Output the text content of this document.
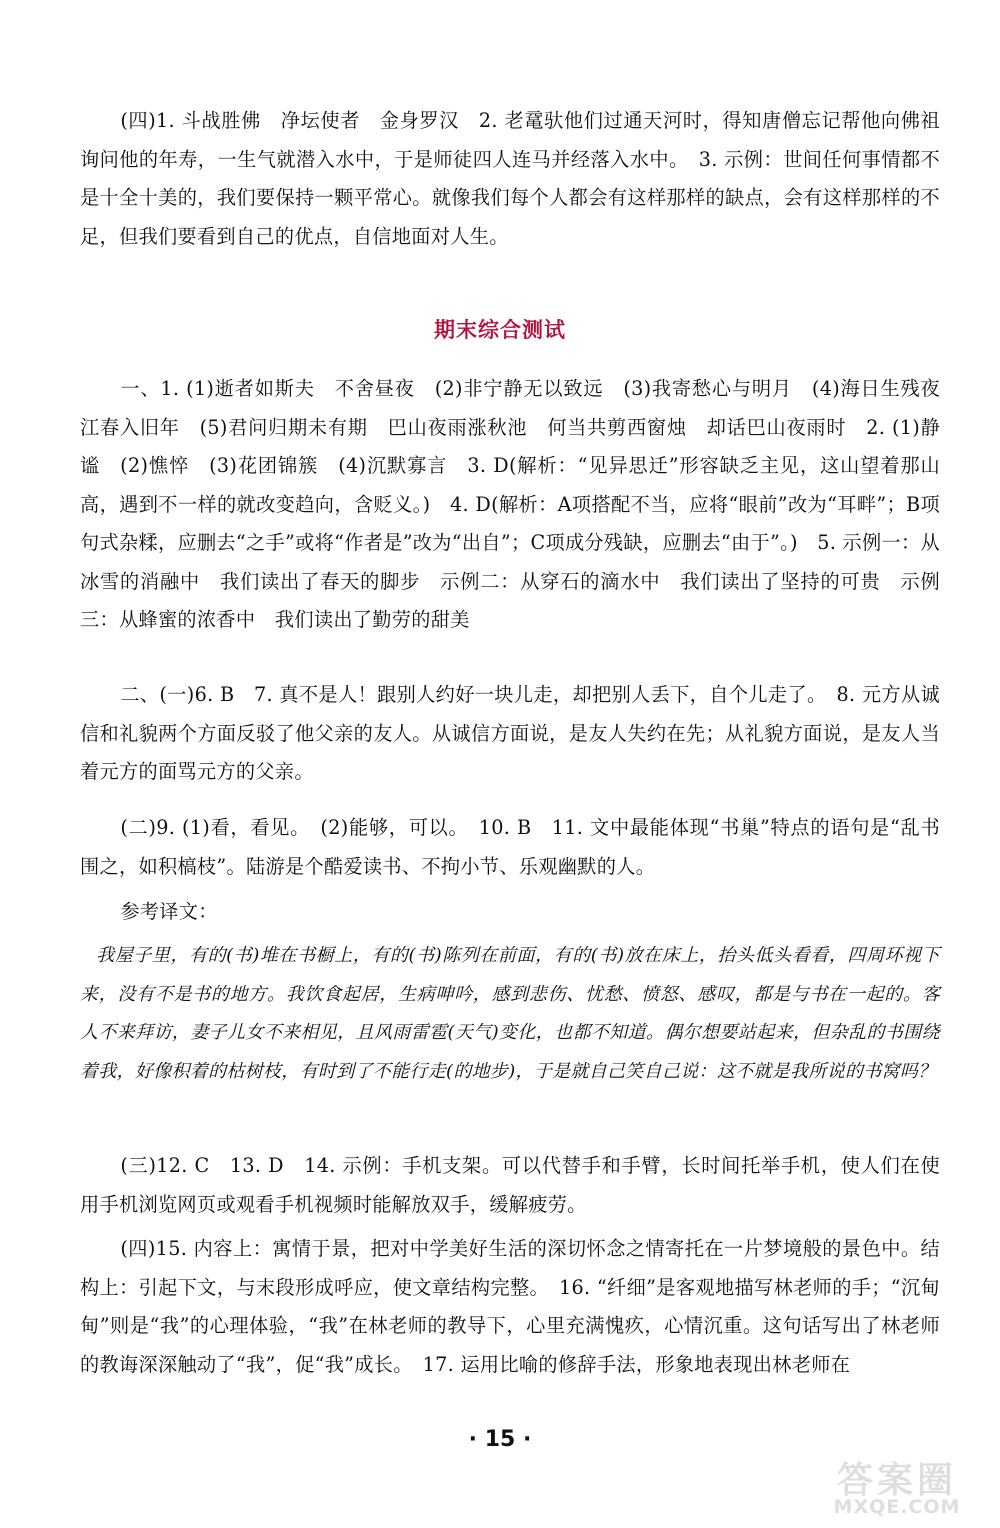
(四)1. 斗战胜佛　净坛使者　金身罗汉　2. 老鼋驮他们过通天河时，得知唐僧忘记帮他向佛祖询问他的年寿，一生气就潜入水中，于是师徒四人连马并经落入水中。　3. 示例：世间任何事情都不是十全十美的，我们要保持一颗平常心。就像我们每个人都会有这样那样的缺点，会有这样那样的不足，但我们要看到自己的优点，自信地面对人生。

期末综合测试

一、1. (1)逝者如斯夫　不舍昼夜　(2)非宁静无以致远　(3)我寄愁心与明月　(4)海日生残夜　江春入旧年　(5)君问归期未有期　巴山夜雨涨秋池　何当共剪西窗烛　却话巴山夜雨时　2. (1)静谧　(2)憔悴　(3)花团锦簇　(4)沉默寡言　3. D(解析：“见异思迁”形容缺乏主见，这山望着那山高，遇到不一样的就改变趋向，含贬义。)　4. D(解析：A项搭配不当，应将“眼前”改为“耳畔”；B项句式杂糅，应删去“之手”或将“作者是”改为“出自”；C项成分残缺，应删去“由于”。)　5. 示例一：从冰雪的消融中　我们读出了春天的脚步　示例二：从穿石的滴水中　我们读出了坚持的可贵　示例三：从蜂蜜的浓香中　我们读出了勤劳的甜美

二、(一)6. B　7. 真不是人！跟别人约好一块儿走，却把别人丢下，自个儿走了。　8. 元方从诚信和礼貌两个方面反驳了他父亲的友人。从诚信方面说，是友人失约在先；从礼貌方面说，是友人当着元方的面骂元方的父亲。

(二)9. (1)看，看见。　(2)能够，可以。　10. B　11. 文中最能体现“书巢”特点的语句是“乱书围之，如积槁枝”。陆游是个酷爱读书、不拘小节、乐观幽默的人。

参考译文：

我屋子里，有的(书)堆在书橱上，有的(书)陈列在前面，有的(书)放在床上，抬头低头看看，四周环视下来，没有不是书的地方。我饮食起居，生病呻吟，感到悲伤、忧愁、愤怒、感叹，都是与书在一起的。客人不来拜访，妻子儿女不来相见，且风雨雷雹(天气)变化，也都不知道。偶尔想要站起来，但杂乱的书围绕着我，好像积着的枯树枝，有时到了不能行走(的地步)，于是就自己笑自己说：这不就是我所说的书窝吗？

(三)12. C　13. D　14. 示例：手机支架。可以代替手和手臂，长时间托举手机，使人们在使用手机浏览网页或观看手机视频时能解放双手，缓解疲劳。

(四)15. 内容上：寓情于景，把对中学美好生活的深切怀念之情寄托在一片梦境般的景色中。结构上：引起下文，与末段形成呼应，使文章结构完整。　16. “纤细”是客观地描写林老师的手；“沉甸甸”则是“我”的心理体验，“我”在林老师的教导下，心里充满愧疚，心情沉重。这句话写出了林老师的教诲深深触动了“我”，促“我”成长。　17. 运用比喻的修辞手法，形象地表现出林老师在

· 15 ·
答案圈
MXQE.COM
